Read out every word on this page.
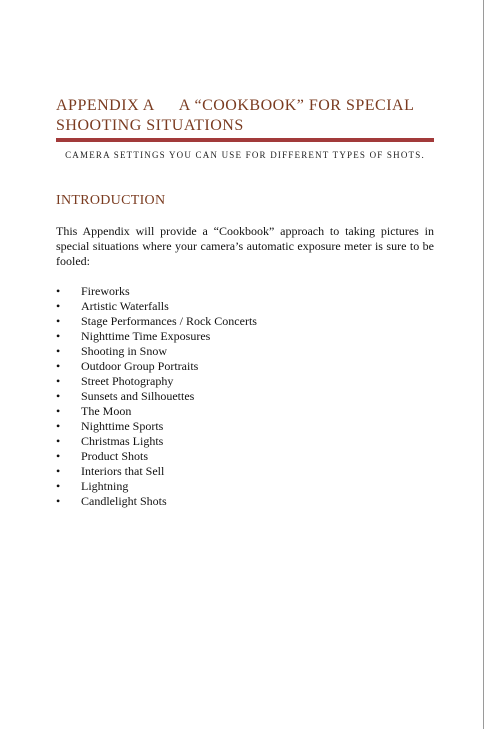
APPENDIX A A “COOKBOOK” FOR SPECIAL
SHOOTING SITUATIONS
CAMERA SETTINGS YOU CAN USE FOR DIFFERENT TYPES OF SHOTS.
INTRODUCTION

This Appendix will provide a “Cookbook” approach to taking pictures in special situations where your camera’s automatic exposure meter is sure to be fooled:

• Fireworks
• Artistic Waterfalls
• Stage Performances / Rock Concerts
• Nighttime Time Exposures
• Shooting in Snow
• Outdoor Group Portraits
• Street Photography
• Sunsets and Silhouettes
• The Moon
• Nighttime Sports
• Christmas Lights
• Product Shots
• Interiors that Sell
• Lightning
• Candlelight Shots
